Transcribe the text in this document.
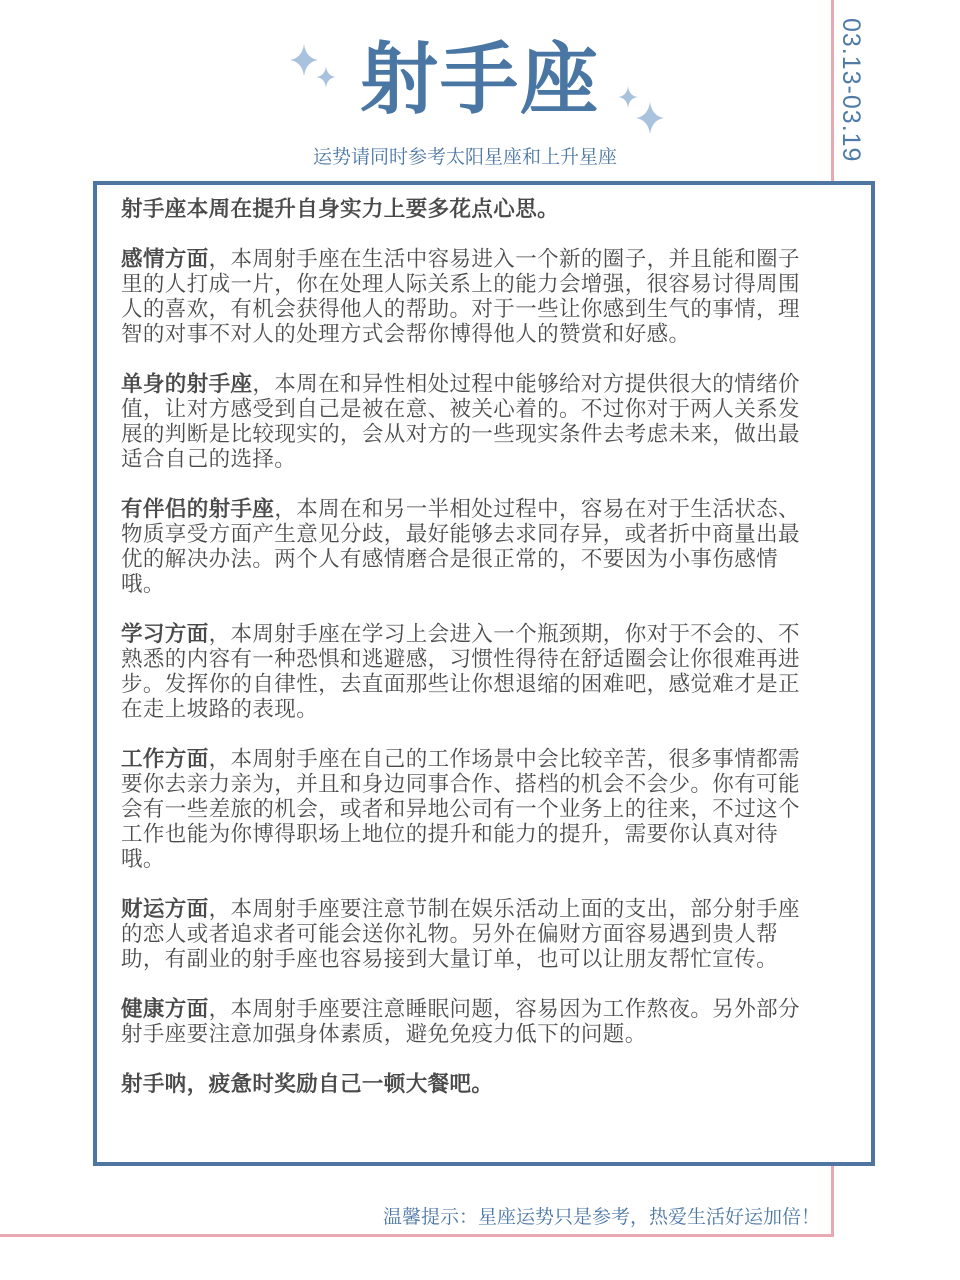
03.13-03.19
射手座
运势请同时参考太阳星座和上升星座

射手座本周在提升自身实力上要多花点心思。

感情方面，本周射手座在生活中容易进入一个新的圈子，并且能和圈子里的人打成一片，你在处理人际关系上的能力会增强，很容易讨得周围人的喜欢，有机会获得他人的帮助。对于一些让你感到生气的事情，理智的对事不对人的处理方式会帮你博得他人的赞赏和好感。

单身的射手座，本周在和异性相处过程中能够给对方提供很大的情绪价值，让对方感受到自己是被在意、被关心着的。不过你对于两人关系发展的判断是比较现实的，会从对方的一些现实条件去考虑未来，做出最适合自己的选择。

有伴侣的射手座，本周在和另一半相处过程中，容易在对于生活状态、物质享受方面产生意见分歧，最好能够去求同存异，或者折中商量出最优的解决办法。两个人有感情磨合是很正常的，不要因为小事伤感情哦。

学习方面，本周射手座在学习上会进入一个瓶颈期，你对于不会的、不熟悉的内容有一种恐惧和逃避感，习惯性得待在舒适圈会让你很难再进步。发挥你的自律性，去直面那些让你想退缩的困难吧，感觉难才是正在走上坡路的表现。

工作方面，本周射手座在自己的工作场景中会比较辛苦，很多事情都需要你去亲力亲为，并且和身边同事合作、搭档的机会不会少。你有可能会有一些差旅的机会，或者和异地公司有一个业务上的往来，不过这个工作也能为你博得职场上地位的提升和能力的提升，需要你认真对待哦。

财运方面，本周射手座要注意节制在娱乐活动上面的支出，部分射手座的恋人或者追求者可能会送你礼物。另外在偏财方面容易遇到贵人帮助，有副业的射手座也容易接到大量订单，也可以让朋友帮忙宣传。

健康方面，本周射手座要注意睡眠问题，容易因为工作熬夜。另外部分射手座要注意加强身体素质，避免免疫力低下的问题。

射手呐，疲惫时奖励自己一顿大餐吧。

温馨提示：星座运势只是参考，热爱生活好运加倍！
